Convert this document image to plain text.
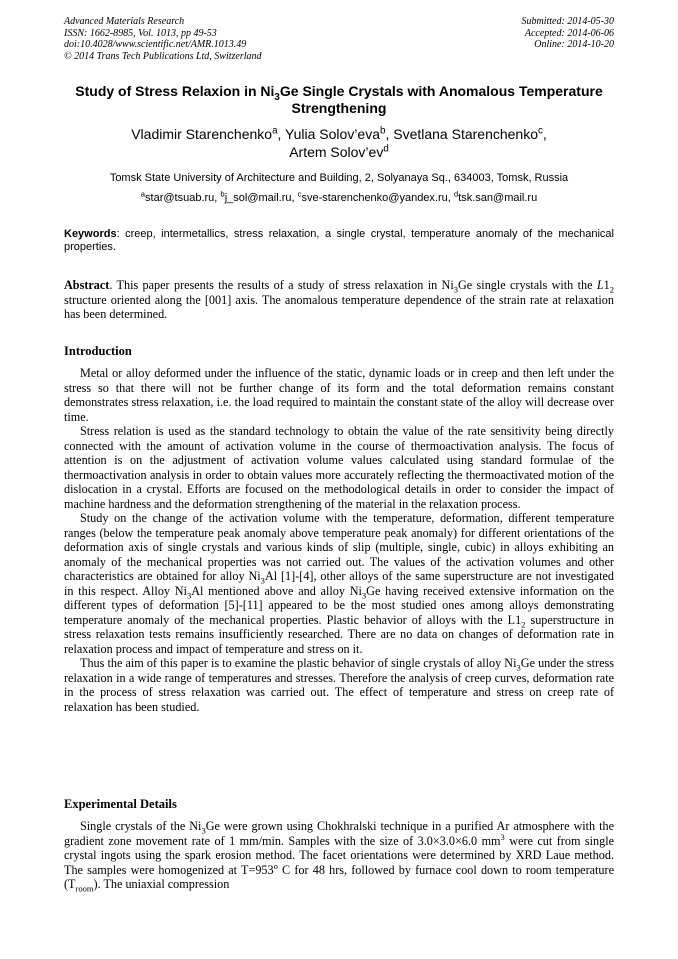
Advanced Materials Research
ISSN: 1662-8985, Vol. 1013, pp 49-53
doi:10.4028/www.scientific.net/AMR.1013.49
© 2014 Trans Tech Publications Ltd, Switzerland
Submitted: 2014-05-30
Accepted: 2014-06-06
Online: 2014-10-20
Study of Stress Relaxion in $Ni_3Ge$ Single Crystals with Anomalous Temperature Strengthening
Vladimir Starenchenko$^a$, Yulia Solov’eva$^b$, Svetlana Starenchenko$^c$,
Artem $Solov’ev^d$
Tomsk State University of Architecture and Building, 2, Solyanaya Sq., 634003, Tomsk, Russia
$^a$star@tsuab.ru, $^b$j_sol@mail.ru, $^c$sve-starenchenko@yandex.ru, $^d$tsk.san@mail.ru
Keywords: creep, intermetallics, stress relaxation, a single crystal, temperature anomaly of the mechanical properties.
Abstract. This paper presents the results of a study of stress relaxation in $Ni_3Ge$ single crystals with the $L1_2$ structure oriented along the [001] axis. The anomalous temperature dependence of the strain rate at relaxation has been determined.
Introduction

Metal or alloy deformed under the influence of the static, dynamic loads or in creep and then left under the stress so that there will not be further change of its form and the total deformation remains constant demonstrates stress relaxation, i.e. the load required to maintain the constant state of the alloy will decrease over time.

Stress relation is used as the standard technology to obtain the value of the rate sensitivity being directly connected with the amount of activation volume in the course of thermoactivation analysis. The focus of attention is on the adjustment of activation volume values calculated using standard formulae of the thermoactivation analysis in order to obtain values more accurately reflecting the thermoactivated motion of the dislocation in a crystal. Efforts are focused on the methodological details in order to consider the impact of machine hardness and the deformation strengthening of the material in the relaxation process.

Study on the change of the activation volume with the temperature, deformation, different temperature ranges (below the temperature peak anomaly above temperature peak anomaly) for different orientations of the deformation axis of single crystals and various kinds of slip (multiple, single, cubic) in alloys exhibiting an anomaly of the mechanical properties was not carried out. The values of the activation volumes and other characteristics are obtained for alloy $Ni_3Al$ [1]-[4], other alloys of the same superstructure are not investigated in this respect. Alloy $Ni_3Al$ mentioned above and alloy $Ni_3Ge$ having received extensive information on the different types of deformation [5]-[11] appeared to be the most studied ones among alloys demonstrating temperature anomaly of the mechanical properties. Plastic behavior of alloys with the $L1_2$ superstructure in stress relaxation tests remains insufficiently researched. There are no data on changes of deformation rate in relaxation process and impact of temperature and stress on it.

Thus the aim of this paper is to examine the plastic behavior of single crystals of alloy $Ni_3Ge$ under the stress relaxation in a wide range of temperatures and stresses. Therefore the analysis of creep curves, deformation rate in the process of stress relaxation was carried out. The effect of temperature and stress on creep rate of relaxation has been studied.

Experimental Details

Single crystals of the $Ni_3Ge$ were grown using Chokhralski technique in a purified Ar atmosphere with the gradient zone movement rate of 1 mm/min. Samples with the size of 3.0×3.0×6.0 $mm^3$ were cut from single crystal ingots using the spark erosion method. The facet orientations were determined by XRD Laue method. The samples were homogenized at $T=953^o$ C for 48 hrs, followed by furnace cool down to room temperature $(T_{room})$. The uniaxial compression
